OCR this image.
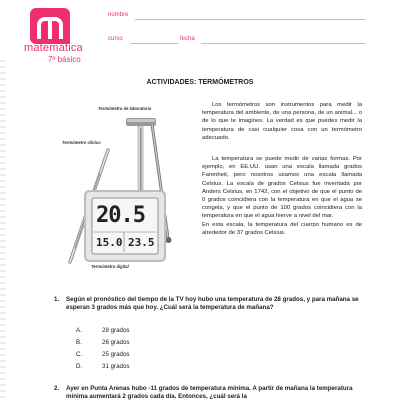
matemática
7º básico
nombre
curso	fecha
ACTIVIDADES: TERMÓMETROS
Termómetro de laboratorio
Termómetro clínico
Termómetro digital
20.5
15.0 23.5
Los termómetros son instrumentos para medir la temperatura del ambiente, de una persona, de un animal... o de lo que te imagines. La verdad es que puedes medir la temperatura de casi cualquier cosa con un termómetro adecuado.
La temperatura se puede medir de varias formas. Por ejemplo, en EE.UU. usan una escala llamada grados Farenheit, pero nosotros usamos una escala llamada Celsius. La escala de grados Celsius fue inventada por Anders Celsius, en 1742, con el objetivo de que el punto de 0 grados coincidiera con la temperatura en que el agua se congela, y que el punto de 100 grados coincidiera con la temperatura en que el agua hierve a nivel del mar.
En esta escala, la temperatura del cuerpo humano es de alrededor de 37 grados Celsius.
1. Según el pronóstico del tiempo de la TV hoy hubo una temperatura de 28 grados, y para mañana se esperan 3 grados más que hoy. ¿Cuál será la temperatura de mañana?
A.	28 grados
B.	26 grados
C.	25 grados
D.	31 grados
2. Ayer en Punta Arenas hubo -11 grados de temperatura mínima. A partir de mañana la temperatura mínima aumentará 2 grados cada día. Entonces, ¿cuál será la
